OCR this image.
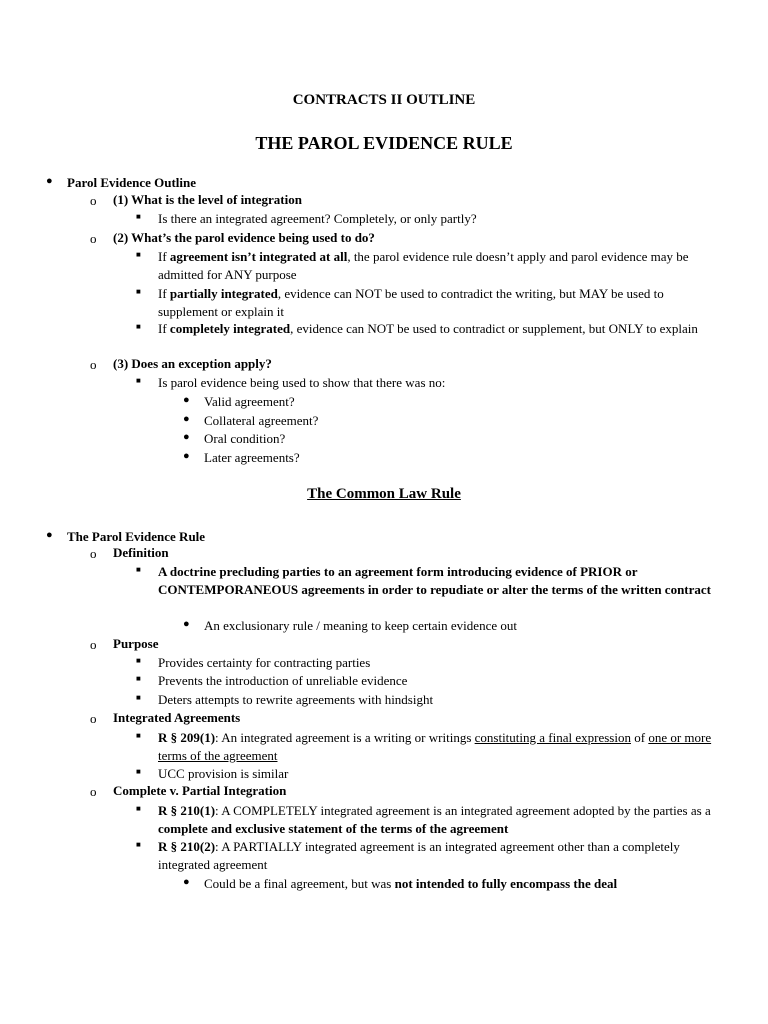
CONTRACTS II OUTLINE
THE PAROL EVIDENCE RULE
● Parol Evidence Outline
o (1) What is the level of integration
■ Is there an integrated agreement? Completely, or only partly?
o (2) What’s the parol evidence being used to do?
■ If agreement isn’t integrated at all, the parol evidence rule doesn’t apply and parol evidence may be admitted for ANY purpose
■ If partially integrated, evidence can NOT be used to contradict the writing, but MAY be used to supplement or explain it
■ If completely integrated, evidence can NOT be used to contradict or supplement, but ONLY to explain
o (3) Does an exception apply?
■ Is parol evidence being used to show that there was no:
● Valid agreement?
● Collateral agreement?
● Oral condition?
● Later agreements?
The Common Law Rule
● The Parol Evidence Rule
o Definition
■ A doctrine precluding parties to an agreement form introducing evidence of PRIOR or CONTEMPORANEOUS agreements in order to repudiate or alter the terms of the written contract
● An exclusionary rule / meaning to keep certain evidence out
o Purpose
■ Provides certainty for contracting parties
■ Prevents the introduction of unreliable evidence
■ Deters attempts to rewrite agreements with hindsight
o Integrated Agreements
■ R § 209(1): An integrated agreement is a writing or writings constituting a final expression of one or more terms of the agreement
■ UCC provision is similar
o Complete v. Partial Integration
■ R § 210(1): A COMPLETELY integrated agreement is an integrated agreement adopted by the parties as a complete and exclusive statement of the terms of the agreement
■ R § 210(2): A PARTIALLY integrated agreement is an integrated agreement other than a completely integrated agreement
● Could be a final agreement, but was not intended to fully encompass the deal
